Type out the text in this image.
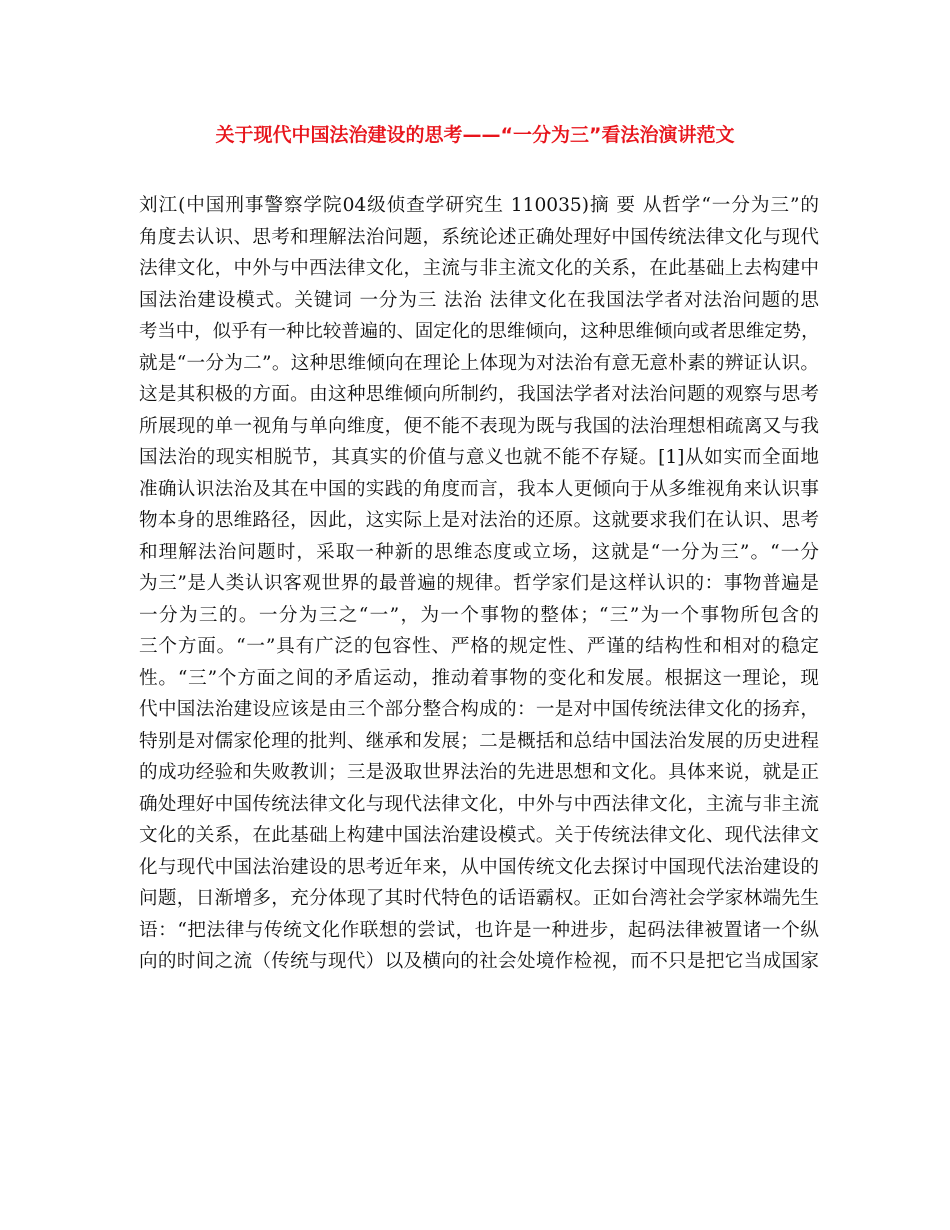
关于现代中国法治建设的思考——“一分为三”看法治演讲范文
刘江(中国刑事警察学院04级侦查学研究生 110035)摘 要 从哲学“一分为三”的
角度去认识、思考和理解法治问题，系统论述正确处理好中国传统法律文化与现代
法律文化，中外与中西法律文化，主流与非主流文化的关系，在此基础上去构建中
国法治建设模式。关键词 一分为三 法治 法律文化在我国法学者对法治问题的思
考当中，似乎有一种比较普遍的、固定化的思维倾向，这种思维倾向或者思维定势，
就是“一分为二”。这种思维倾向在理论上体现为对法治有意无意朴素的辨证认识。
这是其积极的方面。由这种思维倾向所制约，我国法学者对法治问题的观察与思考
所展现的单一视角与单向维度，便不能不表现为既与我国的法治理想相疏离又与我
国法治的现实相脱节，其真实的价值与意义也就不能不存疑。[1]从如实而全面地
准确认识法治及其在中国的实践的角度而言，我本人更倾向于从多维视角来认识事
物本身的思维路径，因此，这实际上是对法治的还原。这就要求我们在认识、思考
和理解法治问题时，采取一种新的思维态度或立场，这就是“一分为三”。“一分
为三”是人类认识客观世界的最普遍的规律。哲学家们是这样认识的：事物普遍是
一分为三的。一分为三之“一”，为一个事物的整体；“三”为一个事物所包含的
三个方面。“一”具有广泛的包容性、严格的规定性、严谨的结构性和相对的稳定
性。“三”个方面之间的矛盾运动，推动着事物的变化和发展。根据这一理论，现
代中国法治建设应该是由三个部分整合构成的：一是对中国传统法律文化的扬弃，
特别是对儒家伦理的批判、继承和发展；二是概括和总结中国法治发展的历史进程
的成功经验和失败教训；三是汲取世界法治的先进思想和文化。具体来说，就是正
确处理好中国传统法律文化与现代法律文化，中外与中西法律文化，主流与非主流
文化的关系，在此基础上构建中国法治建设模式。关于传统法律文化、现代法律文
化与现代中国法治建设的思考近年来，从中国传统文化去探讨中国现代法治建设的
问题，日渐增多，充分体现了其时代特色的话语霸权。正如台湾社会学家林端先生
语：“把法律与传统文化作联想的尝试，也许是一种进步，起码法律被置诸一个纵
向的时间之流（传统与现代）以及横向的社会处境作检视，而不只是把它当成国家
